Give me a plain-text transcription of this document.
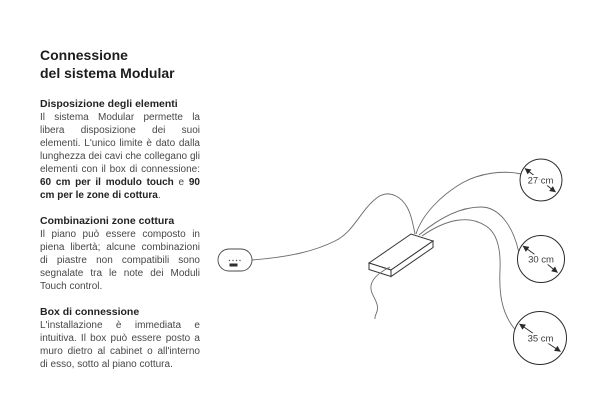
Connessione
del sistema Modular
Disposizione degli elementi

Il sistema Modular permette la libera disposizione dei suoi elementi. L'unico limite è dato dalla lunghezza dei cavi che collegano gli elementi con il box di connessione: 60 cm per il modulo touch e 90 cm per le zone di cottura.

Combinazioni zone cottura

Il piano può essere composto in piena libertà; alcune combinazioni di piastre non compatibili sono segnalate tra le note dei Moduli Touch control.

Box di connessione

L'installazione è immediata e intuitiva. Il box può essere posto a muro dietro al cabinet o all'interno di esso, sotto al piano cottura.

27 cm
30 cm
35 cm
